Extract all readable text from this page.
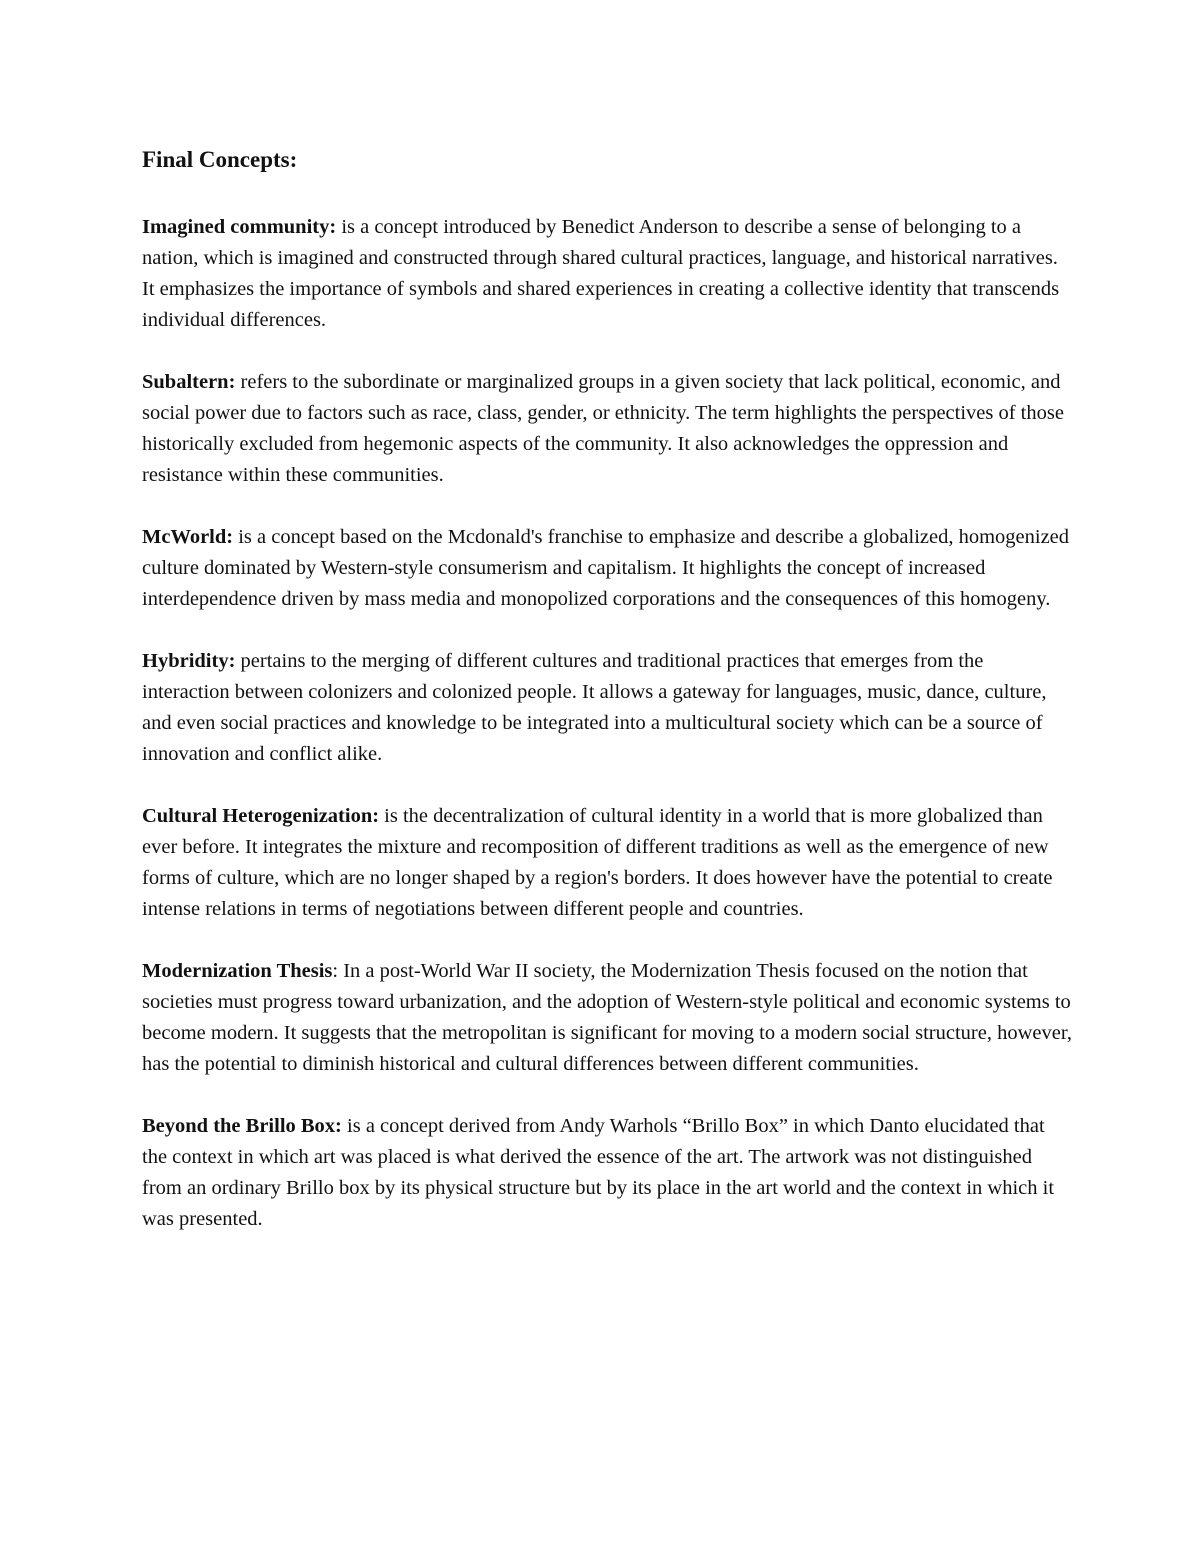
Final Concepts:

Imagined community: is a concept introduced by Benedict Anderson to describe a sense of belonging to a nation, which is imagined and constructed through shared cultural practices, language, and historical narratives. It emphasizes the importance of symbols and shared experiences in creating a collective identity that transcends individual differences.

Subaltern: refers to the subordinate or marginalized groups in a given society that lack political, economic, and social power due to factors such as race, class, gender, or ethnicity. The term highlights the perspectives of those historically excluded from hegemonic aspects of the community. It also acknowledges the oppression and resistance within these communities.

McWorld: is a concept based on the Mcdonald's franchise to emphasize and describe a globalized, homogenized culture dominated by Western-style consumerism and capitalism. It highlights the concept of increased interdependence driven by mass media and monopolized corporations and the consequences of this homogeny.

Hybridity: pertains to the merging of different cultures and traditional practices that emerges from the interaction between colonizers and colonized people. It allows a gateway for languages, music, dance, culture, and even social practices and knowledge to be integrated into a multicultural society which can be a source of innovation and conflict alike.

Cultural Heterogenization: is the decentralization of cultural identity in a world that is more globalized than ever before. It integrates the mixture and recomposition of different traditions as well as the emergence of new forms of culture, which are no longer shaped by a region's borders. It does however have the potential to create intense relations in terms of negotiations between different people and countries.

Modernization Thesis: In a post-World War II society, the Modernization Thesis focused on the notion that societies must progress toward urbanization, and the adoption of Western-style political and economic systems to become modern. It suggests that the metropolitan is significant for moving to a modern social structure, however, has the potential to diminish historical and cultural differences between different communities.

Beyond the Brillo Box: is a concept derived from Andy Warhols “Brillo Box” in which Danto elucidated that the context in which art was placed is what derived the essence of the art. The artwork was not distinguished from an ordinary Brillo box by its physical structure but by its place in the art world and the context in which it was presented.
